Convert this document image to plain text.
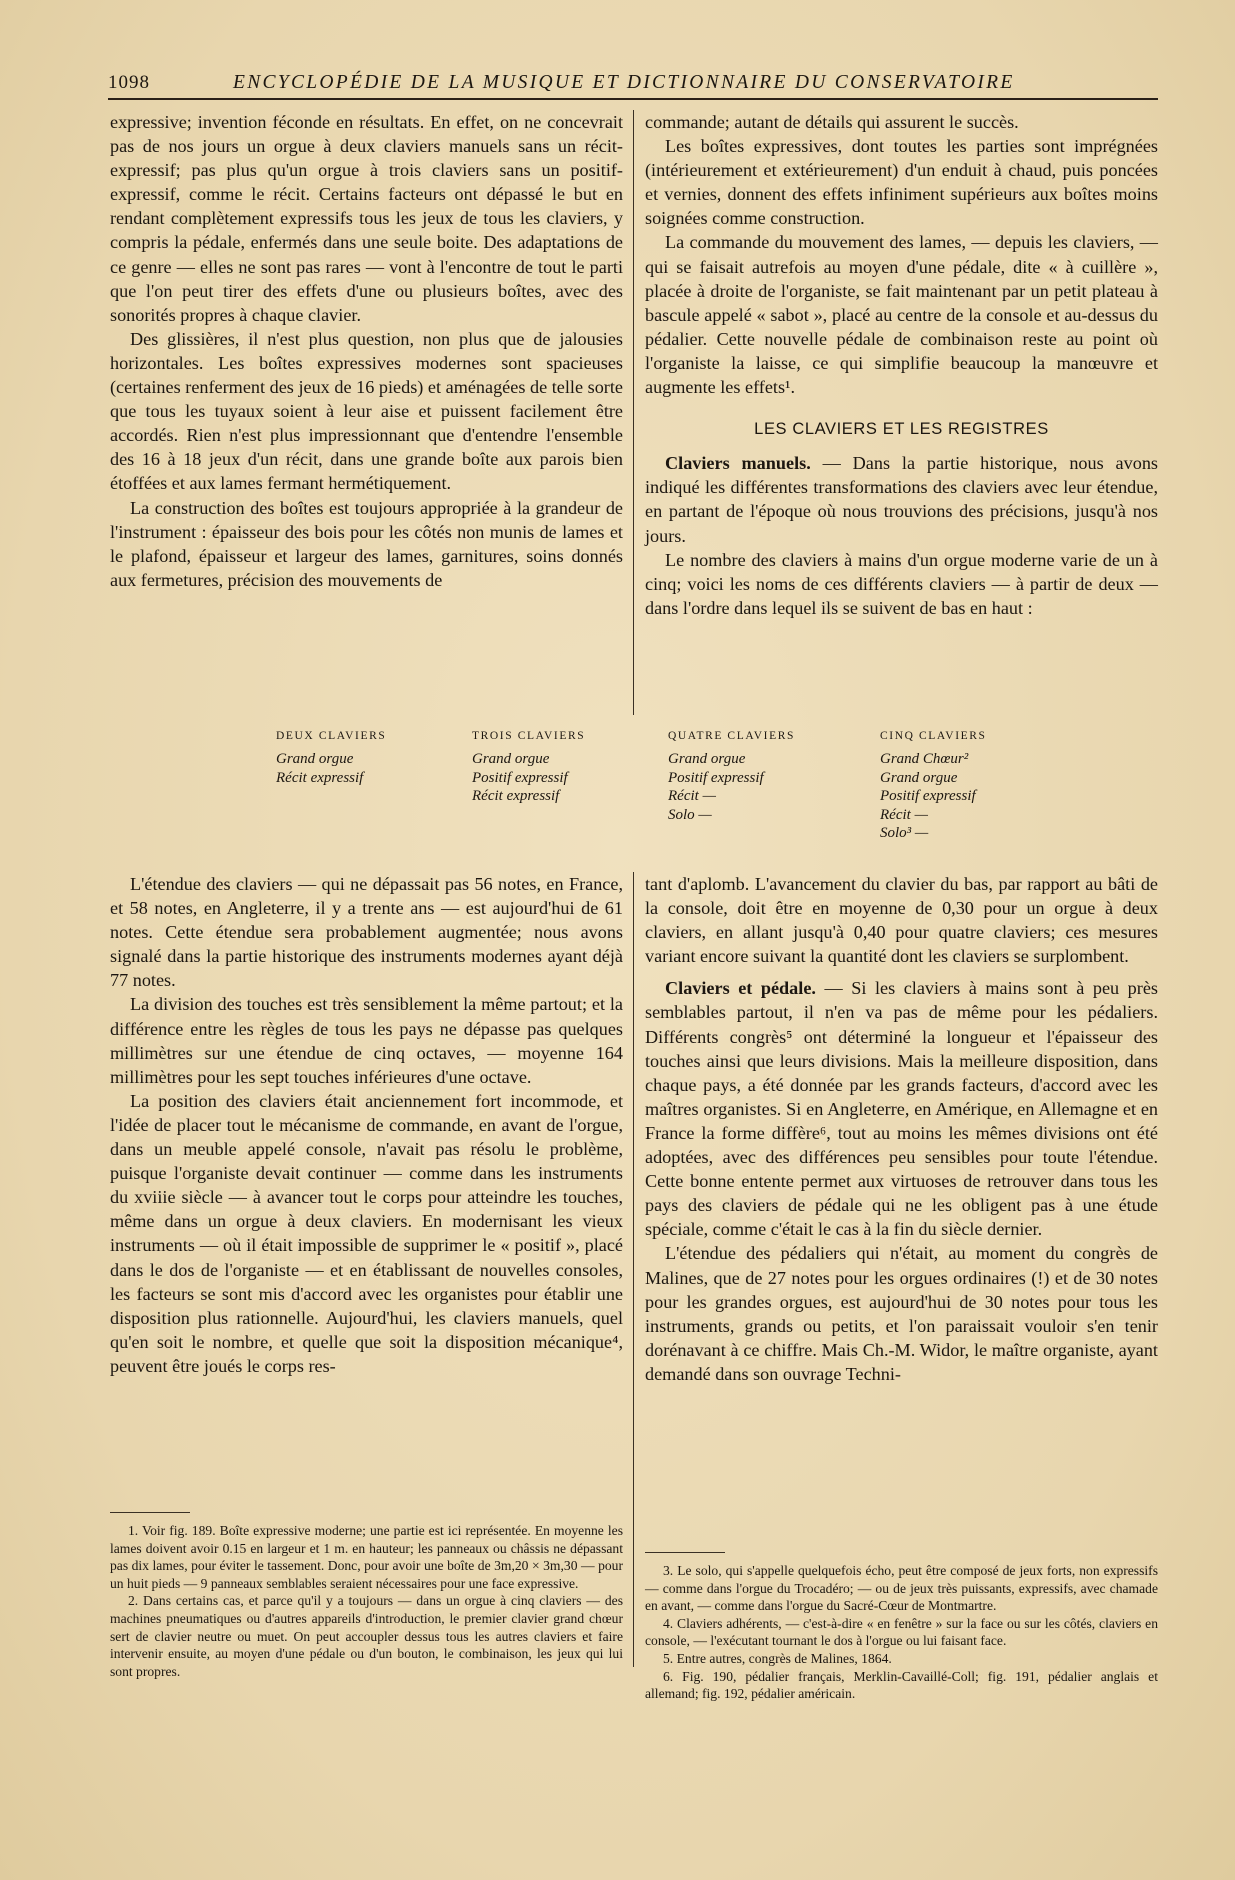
1098	ENCYCLOPÉDIE DE LA MUSIQUE ET DICTIONNAIRE DU CONSERVATOIRE

expressive; invention féconde en résultats. En effet, on ne concevrait pas de nos jours un orgue à deux claviers manuels sans un récit-expressif; pas plus qu'un orgue à trois claviers sans un positif-expressif, comme le récit. Certains facteurs ont dépassé le but en rendant complètement expressifs tous les jeux de tous les claviers, y compris la pédale, enfermés dans une seule boite. Des adaptations de ce genre — elles ne sont pas rares — vont à l'encontre de tout le parti que l'on peut tirer des effets d'une ou plusieurs boîtes, avec des sonorités propres à chaque clavier.

Des glissières, il n'est plus question, non plus que de jalousies horizontales. Les boîtes expressives modernes sont spacieuses (certaines renferment des jeux de 16 pieds) et aménagées de telle sorte que tous les tuyaux soient à leur aise et puissent facilement être accordés. Rien n'est plus impressionnant que d'entendre l'ensemble des 16 à 18 jeux d'un récit, dans une grande boîte aux parois bien étoffées et aux lames fermant hermétiquement.

La construction des boîtes est toujours appropriée à la grandeur de l'instrument : épaisseur des bois pour les côtés non munis de lames et le plafond, épaisseur et largeur des lames, garnitures, soins donnés aux fermetures, précision des mouvements de

commande; autant de détails qui assurent le succès.

Les boîtes expressives, dont toutes les parties sont imprégnées (intérieurement et extérieurement) d'un enduit à chaud, puis poncées et vernies, donnent des effets infiniment supérieurs aux boîtes moins soignées comme construction.

La commande du mouvement des lames, — depuis les claviers, — qui se faisait autrefois au moyen d'une pédale, dite « à cuillère », placée à droite de l'organiste, se fait maintenant par un petit plateau à bascule appelé « sabot », placé au centre de la console et au-dessus du pédalier. Cette nouvelle pédale de combinaison reste au point où l'organiste la laisse, ce qui simplifie beaucoup la manœuvre et augmente les effets¹.

LES CLAVIERS ET LES REGISTRES

Claviers manuels. — Dans la partie historique, nous avons indiqué les différentes transformations des claviers avec leur étendue, en partant de l'époque où nous trouvions des précisions, jusqu'à nos jours.

Le nombre des claviers à mains d'un orgue moderne varie de un à cinq; voici les noms de ces différents claviers — à partir de deux — dans l'ordre dans lequel ils se suivent de bas en haut :

DEUX CLAVIERS
Grand orgue
Récit expressif
TROIS CLAVIERS
Grand orgue
Positif expressif
Récit expressif
QUATRE CLAVIERS
Grand orgue
Positif expressif
Récit —
Solo —
CINQ CLAVIERS
Grand Chœur²
Grand orgue
Positif expressif
Récit —
Solo³ —

L'étendue des claviers — qui ne dépassait pas 56 notes, en France, et 58 notes, en Angleterre, il y a trente ans — est aujourd'hui de 61 notes. Cette étendue sera probablement augmentée; nous avons signalé dans la partie historique des instruments modernes ayant déjà 77 notes.

La division des touches est très sensiblement la même partout; et la différence entre les règles de tous les pays ne dépasse pas quelques millimètres sur une étendue de cinq octaves, — moyenne 164 millimètres pour les sept touches inférieures d'une octave.

La position des claviers était anciennement fort incommode, et l'idée de placer tout le mécanisme de commande, en avant de l'orgue, dans un meuble appelé console, n'avait pas résolu le problème, puisque l'organiste devait continuer — comme dans les instruments du xviiie siècle — à avancer tout le corps pour atteindre les touches, même dans un orgue à deux claviers. En modernisant les vieux instruments — où il était impossible de supprimer le « positif », placé dans le dos de l'organiste — et en établissant de nouvelles consoles, les facteurs se sont mis d'accord avec les organistes pour établir une disposition plus rationnelle. Aujourd'hui, les claviers manuels, quel qu'en soit le nombre, et quelle que soit la disposition mécanique⁴, peuvent être joués le corps res-

tant d'aplomb. L'avancement du clavier du bas, par rapport au bâti de la console, doit être en moyenne de 0,30 pour un orgue à deux claviers, en allant jusqu'à 0,40 pour quatre claviers; ces mesures variant encore suivant la quantité dont les claviers se surplombent.

Claviers et pédale. — Si les claviers à mains sont à peu près semblables partout, il n'en va pas de même pour les pédaliers. Différents congrès⁵ ont déterminé la longueur et l'épaisseur des touches ainsi que leurs divisions. Mais la meilleure disposition, dans chaque pays, a été donnée par les grands facteurs, d'accord avec les maîtres organistes. Si en Angleterre, en Amérique, en Allemagne et en France la forme diffère⁶, tout au moins les mêmes divisions ont été adoptées, avec des différences peu sensibles pour toute l'étendue. Cette bonne entente permet aux virtuoses de retrouver dans tous les pays des claviers de pédale qui ne les obligent pas à une étude spéciale, comme c'était le cas à la fin du siècle dernier.

L'étendue des pédaliers qui n'était, au moment du congrès de Malines, que de 27 notes pour les orgues ordinaires (!) et de 30 notes pour les grandes orgues, est aujourd'hui de 30 notes pour tous les instruments, grands ou petits, et l'on paraissait vouloir s'en tenir dorénavant à ce chiffre. Mais Ch.-M. Widor, le maître organiste, ayant demandé dans son ouvrage Techni-

1. Voir fig. 189. Boîte expressive moderne; une partie est ici représentée. En moyenne les lames doivent avoir 0.15 en largeur et 1 m. en hauteur; les panneaux ou châssis ne dépassant pas dix lames, pour éviter le tassement. Donc, pour avoir une boîte de 3m,20 × 3m,30 — pour un huit pieds — 9 panneaux semblables seraient nécessaires pour une face expressive.

2. Dans certains cas, et parce qu'il y a toujours — dans un orgue à cinq claviers — des machines pneumatiques ou d'autres appareils d'introduction, le premier clavier grand chœur sert de clavier neutre ou muet. On peut accoupler dessus tous les autres claviers et faire intervenir ensuite, au moyen d'une pédale ou d'un bouton, le combinaison, les jeux qui lui sont propres.

3. Le solo, qui s'appelle quelquefois écho, peut être composé de jeux forts, non expressifs — comme dans l'orgue du Trocadéro; — ou de jeux très puissants, expressifs, avec chamade en avant, — comme dans l'orgue du Sacré-Cœur de Montmartre.

4. Claviers adhérents, — c'est-à-dire « en fenêtre » sur la face ou sur les côtés, claviers en console, — l'exécutant tournant le dos à l'orgue ou lui faisant face.

5. Entre autres, congrès de Malines, 1864.

6. Fig. 190, pédalier français, Merklin-Cavaillé-Coll; fig. 191, pédalier anglais et allemand; fig. 192, pédalier américain.
